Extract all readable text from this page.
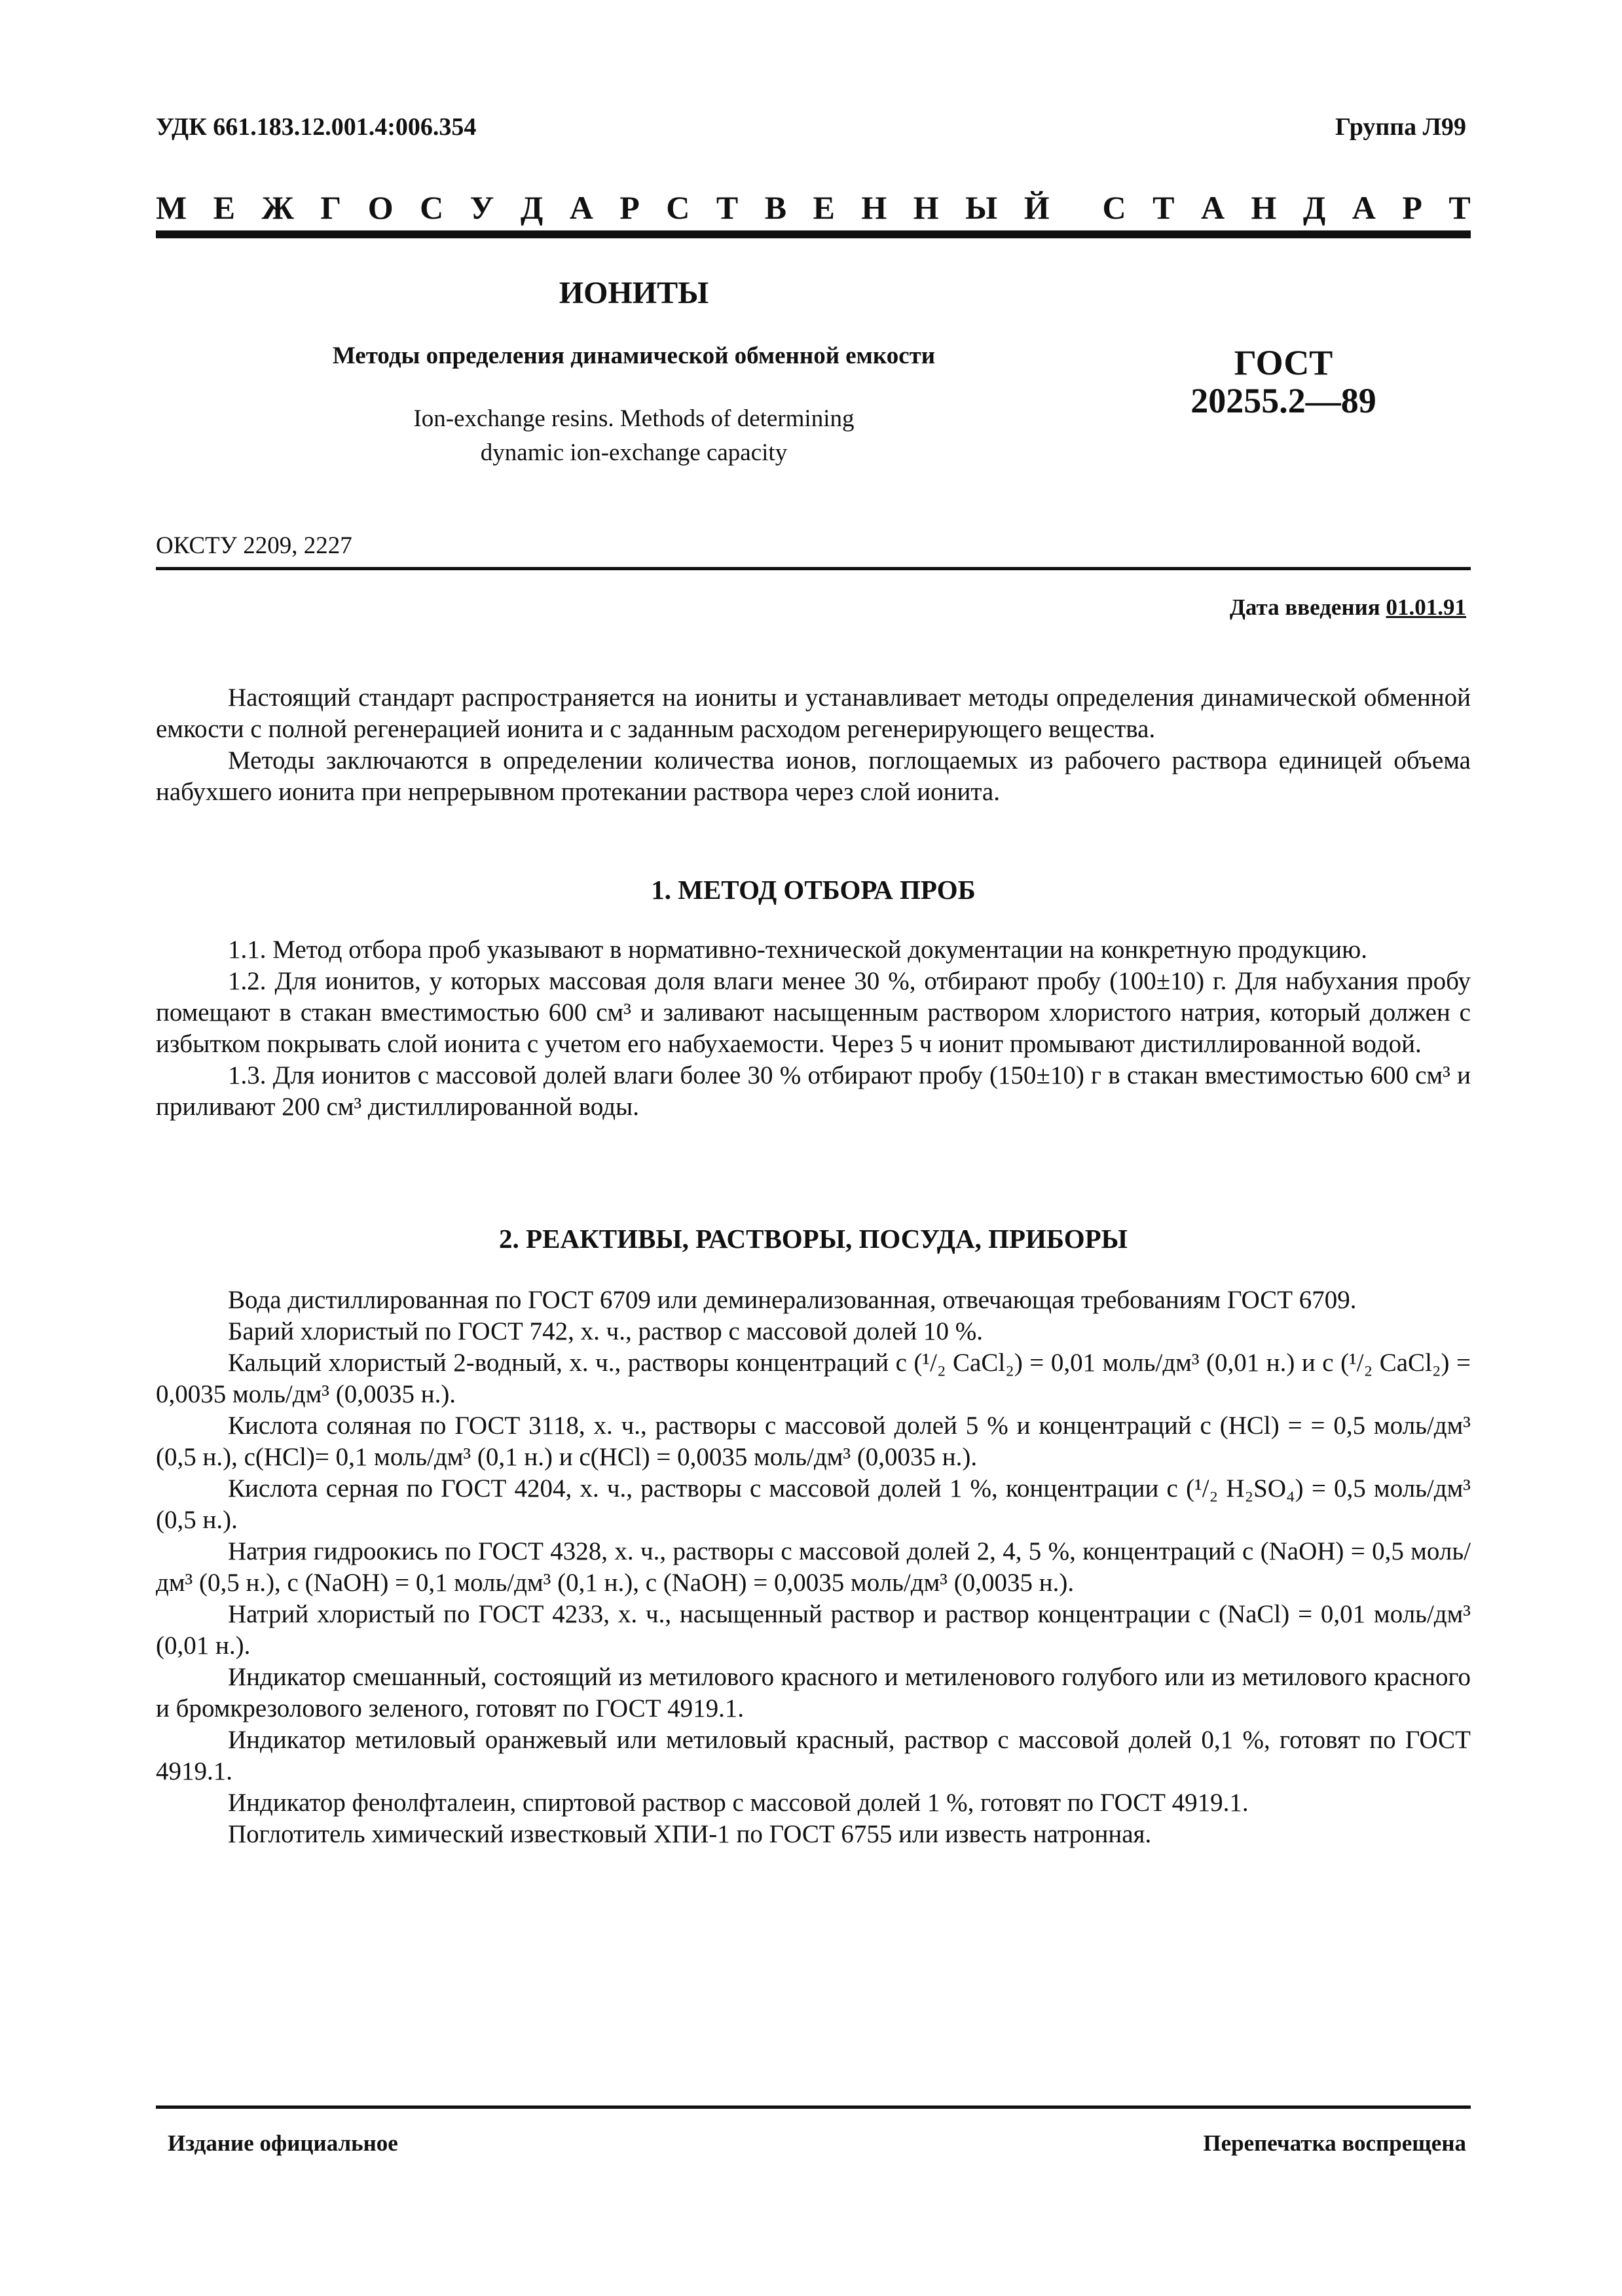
УДК 661.183.12.001.4:006.354	Группа Л99
М Е Ж Г О С У Д А Р С Т В Е Н Н Ы Й С Т А Н Д А Р Т
ИОНИТЫ
Методы определения динамической обменной емкости
Ion-exchange resins. Methods of determining
dynamic ion-exchange capacity
ГОСТ
20255.2—89
ОКСТУ 2209, 2227
Дата введения 01.01.91

Настоящий стандарт распространяется на иониты и устанавливает методы определения динамической обменной емкости с полной регенерацией ионита и с заданным расходом регенерирующего вещества.

Методы заключаются в определении количества ионов, поглощаемых из рабочего раствора единицей объема набухшего ионита при непрерывном протекании раствора через слой ионита.

1. МЕТОД ОТБОРА ПРОБ

1.1. Метод отбора проб указывают в нормативно-технической документации на конкретную продукцию.

1.2. Для ионитов, у которых массовая доля влаги менее 30 %, отбирают пробу (100±10) г. Для набухания пробу помещают в стакан вместимостью 600 см³ и заливают насыщенным раствором хлористого натрия, который должен с избытком покрывать слой ионита с учетом его набухаемости. Через 5 ч ионит промывают дистиллированной водой.

1.3. Для ионитов с массовой долей влаги более 30 % отбирают пробу (150±10) г в стакан вместимостью 600 см³ и приливают 200 см³ дистиллированной воды.

2. РЕАКТИВЫ, РАСТВОРЫ, ПОСУДА, ПРИБОРЫ

Вода дистиллированная по ГОСТ 6709 или деминерализованная, отвечающая требованиям ГОСТ 6709.

Барий хлористый по ГОСТ 742, х. ч., раствор с массовой долей 10 %.

Кальций хлористый 2-водный, х. ч., растворы концентраций c (¹/₂ CaCl₂) = 0,01 моль/дм³ (0,01 н.) и c (¹/₂ CaCl₂) = 0,0035 моль/дм³ (0,0035 н.).

Кислота соляная по ГОСТ 3118, х. ч., растворы с массовой долей 5 % и концентраций c (HCl) = = 0,5 моль/дм³ (0,5 н.), c(HCl)= 0,1 моль/дм³ (0,1 н.) и c(HCl) = 0,0035 моль/дм³ (0,0035 н.).

Кислота серная по ГОСТ 4204, х. ч., растворы с массовой долей 1 %, концентрации c (¹/₂ H₂SO₄) = 0,5 моль/дм³ (0,5 н.).

Натрия гидроокись по ГОСТ 4328, х. ч., растворы с массовой долей 2, 4, 5 %, концентраций c (NaOH) = 0,5 моль/дм³ (0,5 н.), c (NaOH) = 0,1 моль/дм³ (0,1 н.), c (NaOH) = 0,0035 моль/дм³ (0,0035 н.).

Натрий хлористый по ГОСТ 4233, х. ч., насыщенный раствор и раствор концентрации c (NaCl) = 0,01 моль/дм³ (0,01 н.).

Индикатор смешанный, состоящий из метилового красного и метиленового голубого или из метилового красного и бромкрезолового зеленого, готовят по ГОСТ 4919.1.

Индикатор метиловый оранжевый или метиловый красный, раствор с массовой долей 0,1 %, готовят по ГОСТ 4919.1.

Индикатор фенолфталеин, спиртовой раствор с массовой долей 1 %, готовят по ГОСТ 4919.1.

Поглотитель химический известковый ХПИ-1 по ГОСТ 6755 или известь натронная.

Издание официальное	Перепечатка воспрещена
